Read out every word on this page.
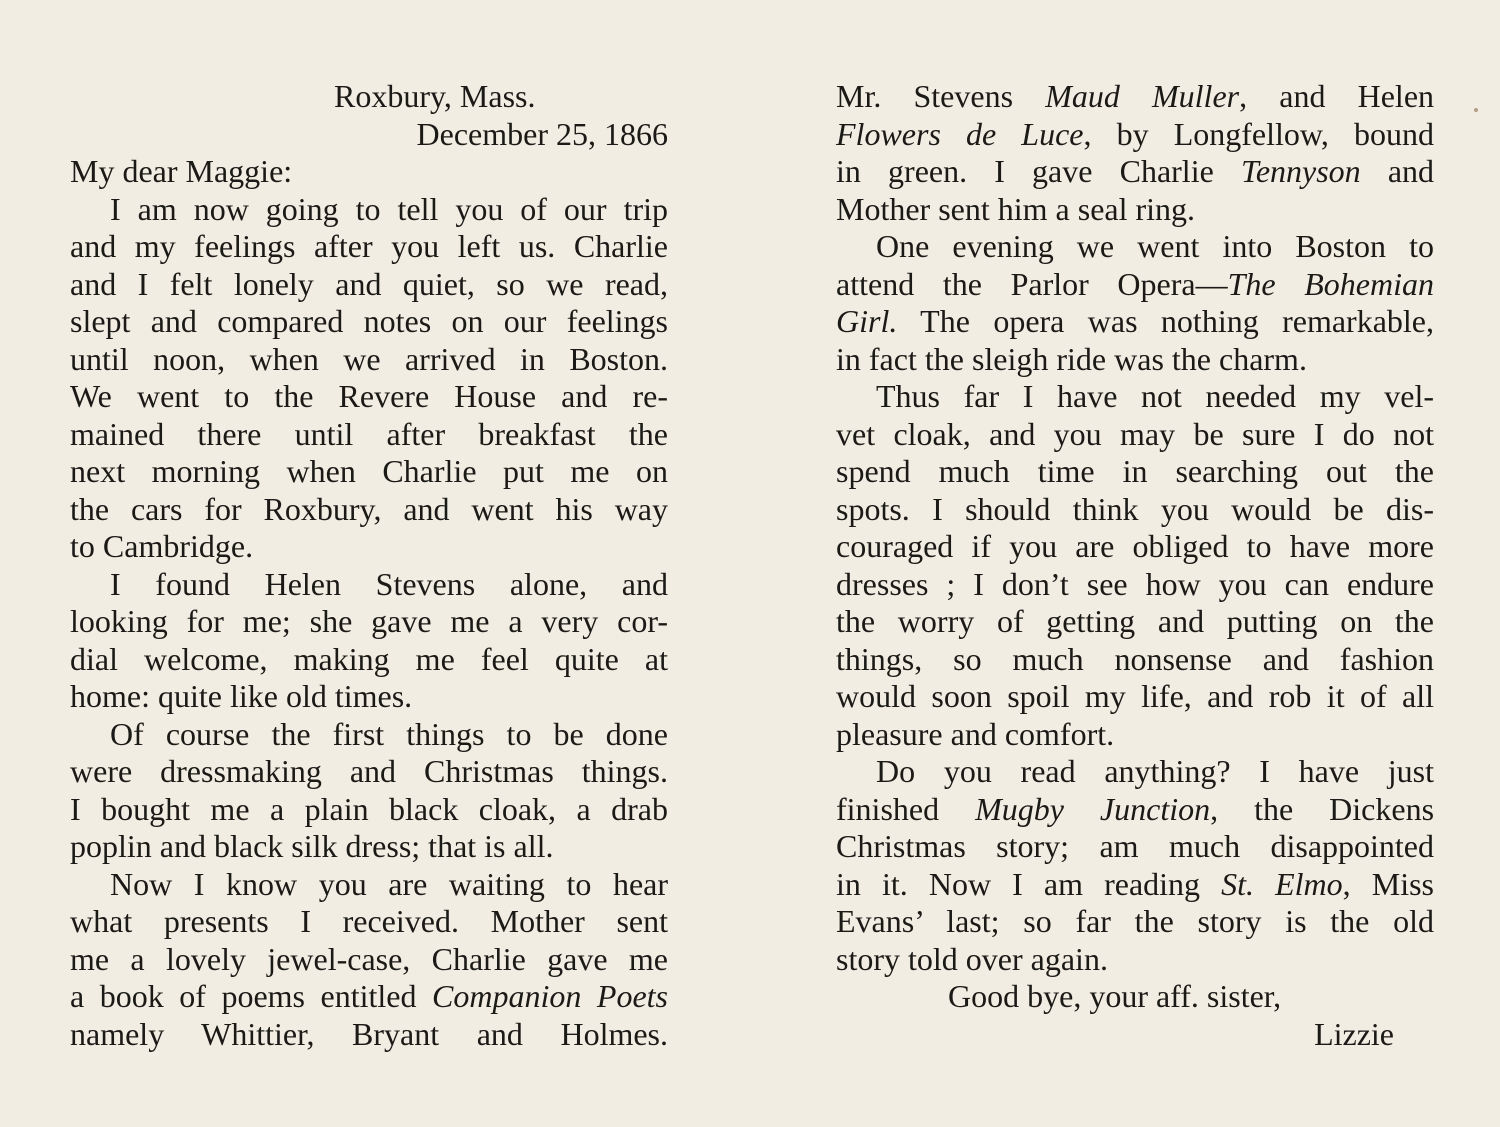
Roxbury, Mass.
December 25, 1866
My dear Maggie:
I am now going to tell you of our trip
and my feelings after you left us. Charlie
and I felt lonely and quiet, so we read,
slept and compared notes on our feelings
until noon, when we arrived in Boston.
We went to the Revere House and re-
mained there until after breakfast the
next morning when Charlie put me on
the cars for Roxbury, and went his way
to Cambridge.
I found Helen Stevens alone, and
looking for me; she gave me a very cor-
dial welcome, making me feel quite at
home: quite like old times.
Of course the first things to be done
were dressmaking and Christmas things.
I bought me a plain black cloak, a drab
poplin and black silk dress; that is all.
Now I know you are waiting to hear
what presents I received. Mother sent
me a lovely jewel-case, Charlie gave me
a book of poems entitled Companion Poets
namely Whittier, Bryant and Holmes.
Mr. Stevens Maud Muller, and Helen
Flowers de Luce, by Longfellow, bound
in green. I gave Charlie Tennyson and
Mother sent him a seal ring.
One evening we went into Boston to
attend the Parlor Opera—The Bohemian
Girl. The opera was nothing remarkable,
in fact the sleigh ride was the charm.
Thus far I have not needed my vel-
vet cloak, and you may be sure I do not
spend much time in searching out the
spots. I should think you would be dis-
couraged if you are obliged to have more
dresses ; I don’t see how you can endure
the worry of getting and putting on the
things, so much nonsense and fashion
would soon spoil my life, and rob it of all
pleasure and comfort.
Do you read anything? I have just
finished Mugby Junction, the Dickens
Christmas story; am much disappointed
in it. Now I am reading St. Elmo, Miss
Evans’ last; so far the story is the old
story told over again.
Good bye, your aff. sister,
Lizzie
